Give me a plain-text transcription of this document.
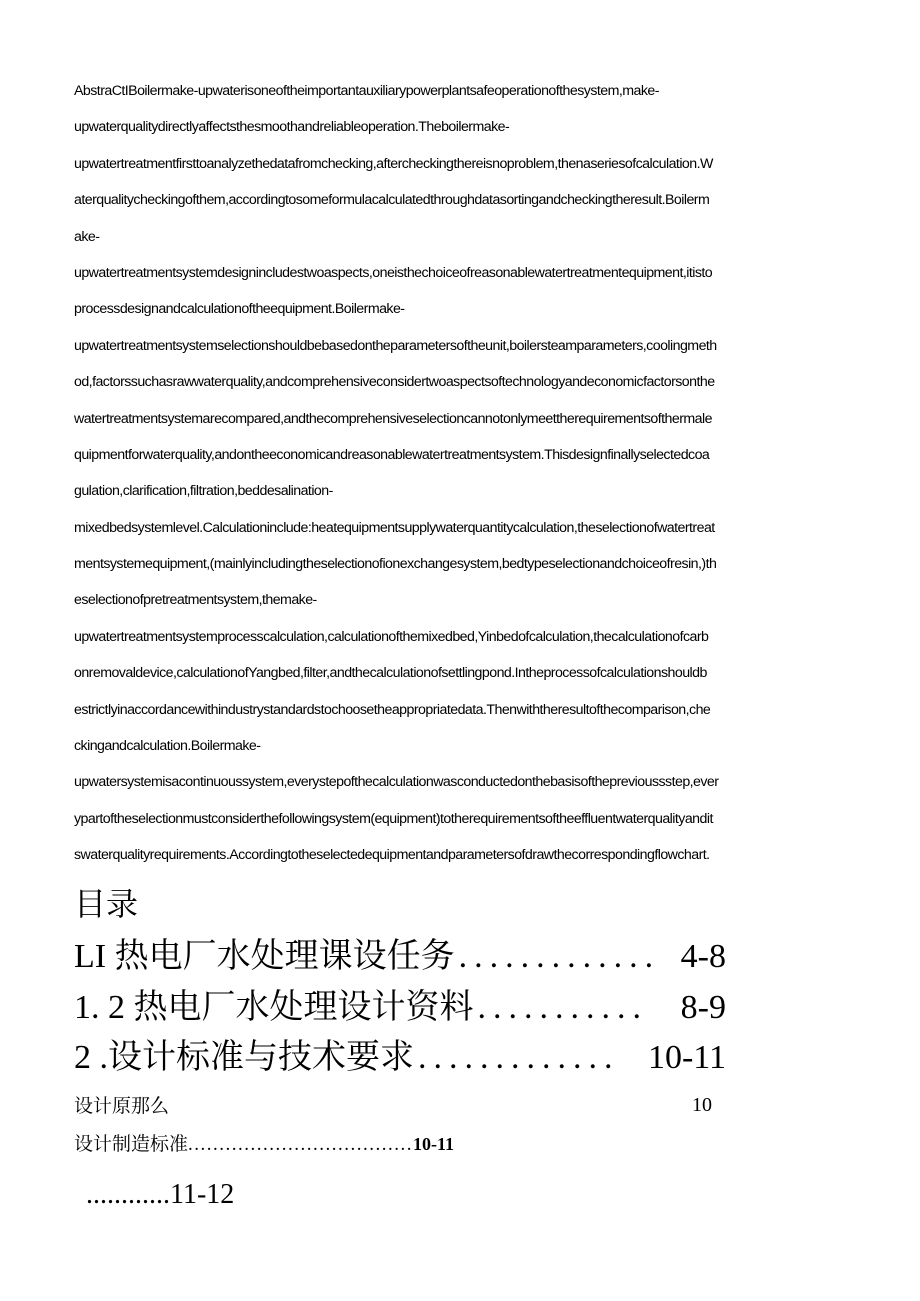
AbstraCtIBoilermake-upwaterisoneoftheimportantauxiliarypowerplantsafeoperationofthesystem,make-
upwaterqualitydirectlyaffectsthesmoothandreliableoperation.Theboilermake-
upwatertreatmentfirsttoanalyzethedatafromchecking,aftercheckingthereisnoproblem,thenaseriesofcalculation.W
aterqualitycheckingofthem,accordingtosomeformulacalculatedthroughdatasortingandcheckingtheresult.Boilerm
ake-
upwatertreatmentsystemdesignincludestwoaspects,oneisthechoiceofreasonablewatertreatmentequipment,itisto
processdesignandcalculationoftheequipment.Boilermake-
upwatertreatmentsystemselectionshouldbebasedontheparametersoftheunit,boilersteamparameters,coolingmeth
od,factorssuchasrawwaterquality,andcomprehensiveconsidertwoaspectsoftechnologyandeconomicfactorsonthe
watertreatmentsystemarecompared,andthecomprehensiveselectioncannotonlymeettherequirementsofthermale
quipmentforwaterquality,andontheeconomicandreasonablewatertreatmentsystem.Thisdesignfinallyselectedcoa
gulation,clarification,filtration,beddesalination-
mixedbedsystemlevel.Calculationinclude:heatequipmentsupplywaterquantitycalculation,theselectionofwatertreat
mentsystemequipment,(mainlyincludingtheselectionofionexchangesystem,bedtypeselectionandchoiceofresin,)th
eselectionofpretreatmentsystem,themake-
upwatertreatmentsystemprocesscalculation,calculationofthemixedbed,Yinbedofcalculation,thecalculationofcarb
onremovaldevice,calculationofYangbed,filter,andthecalculationofsettlingpond.Intheprocessofcalculationshouldb
estrictlyinaccordancewithindustrystandardstochoosetheappropriatedata.Thenwiththeresultofthecomparison,che
ckingandcalculation.Boilermake-
upwatersystemisacontinuoussystem,everystepofthecalculationwasconductedonthebasisoftheprevioussstep,ever
ypartoftheselectionmustconsiderthefollowingsystem(equipment)totherequirementsoftheeffluentwaterqualityandit
swaterqualityrequirements.Accordingtotheselectedequipmentandparametersofdrawthecorrespondingflowchart.
目录
LI 热电厂水处理课设任务 ............. 4-8
1. 2 热电厂水处理设计资料 ........... 8-9
2 .设计标准与技术要求 ............. 10-11
设计原那么	10
设计制造标准....................................10-11
............11-12
